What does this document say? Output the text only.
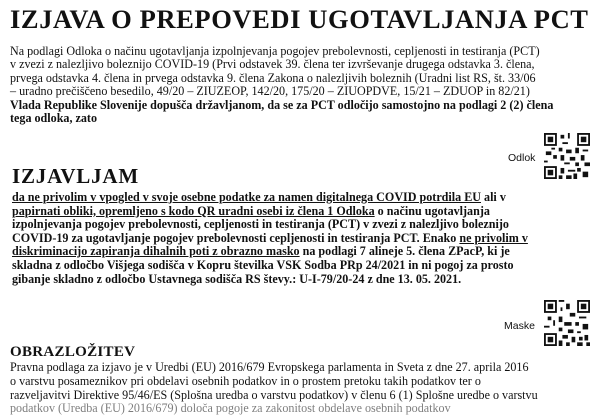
IZJAVA O PREPOVEDI UGOTAVLJANJA PCT
Na podlagi Odloka o načinu ugotavljanja izpolnjevanja pogojev prebolevnosti, cepljenosti in testiranja (PCT)
v zvezi z nalezljivo boleznijo COVID-19 (Prvi odstavek 39. člena ter izvrševanje drugega odstavka 3. člena,
prvega odstavka 4. člena in prvega odstavka 9. člena Zakona o nalezljivih boleznih (Uradni list RS, št. 33/06
– uradno prečiščeno besedilo, 49/20 – ZIUZEOP, 142/20, 175/20 – ZIUOPDVE, 15/21 – ZDUOP in 82/21)
Vlada Republike Slovenije dopušča državljanom, da se za PCT odločijo samostojno na podlagi 2 (2) člena
tega odloka, zato
Odlok
IZJAVLJAM
da ne privolim v vpogled v svoje osebne podatke za namen digitalnega COVID potrdila EU ali v
papirnati obliki, opremljeno s kodo QR uradni osebi iz člena 1 Odloka o načinu ugotavljanja
izpolnjevanja pogojev prebolevnosti, cepljenosti in testiranja (PCT) v zvezi z nalezljivo boleznijo
COVID-19 za ugotavljanje pogojev prebolevnosti cepljenosti in testiranja PCT. Enako ne privolim v
diskriminacijo zapiranja dihalnih poti z obrazno masko na podlagi 7 alineje 5. člena ZPacP, ki je
skladna z odločbo Višjega sodišča v Kopru številka VSK Sodba PRp 24/2021 in ni pogoj za prosto
gibanje skladno z odločbo Ustavnega sodišča RS števy.: U-I-79/20-24 z dne 13. 05. 2021.
Maske
OBRAZLOŽITEV
Pravna podlaga za izjavo je v Uredbi (EU) 2016/679 Evropskega parlamenta in Sveta z dne 27. aprila 2016
o varstvu posameznikov pri obdelavi osebnih podatkov in o prostem pretoku takih podatkov ter o
razveljavitvi Direktive 95/46/ES (Splošna uredba o varstvu podatkov) v členu 6 (1) Splošne uredbe o varstvu
podatkov (Uredba (EU) 2016/679) določa pogoje za zakonitost obdelave osebnih podatkov
